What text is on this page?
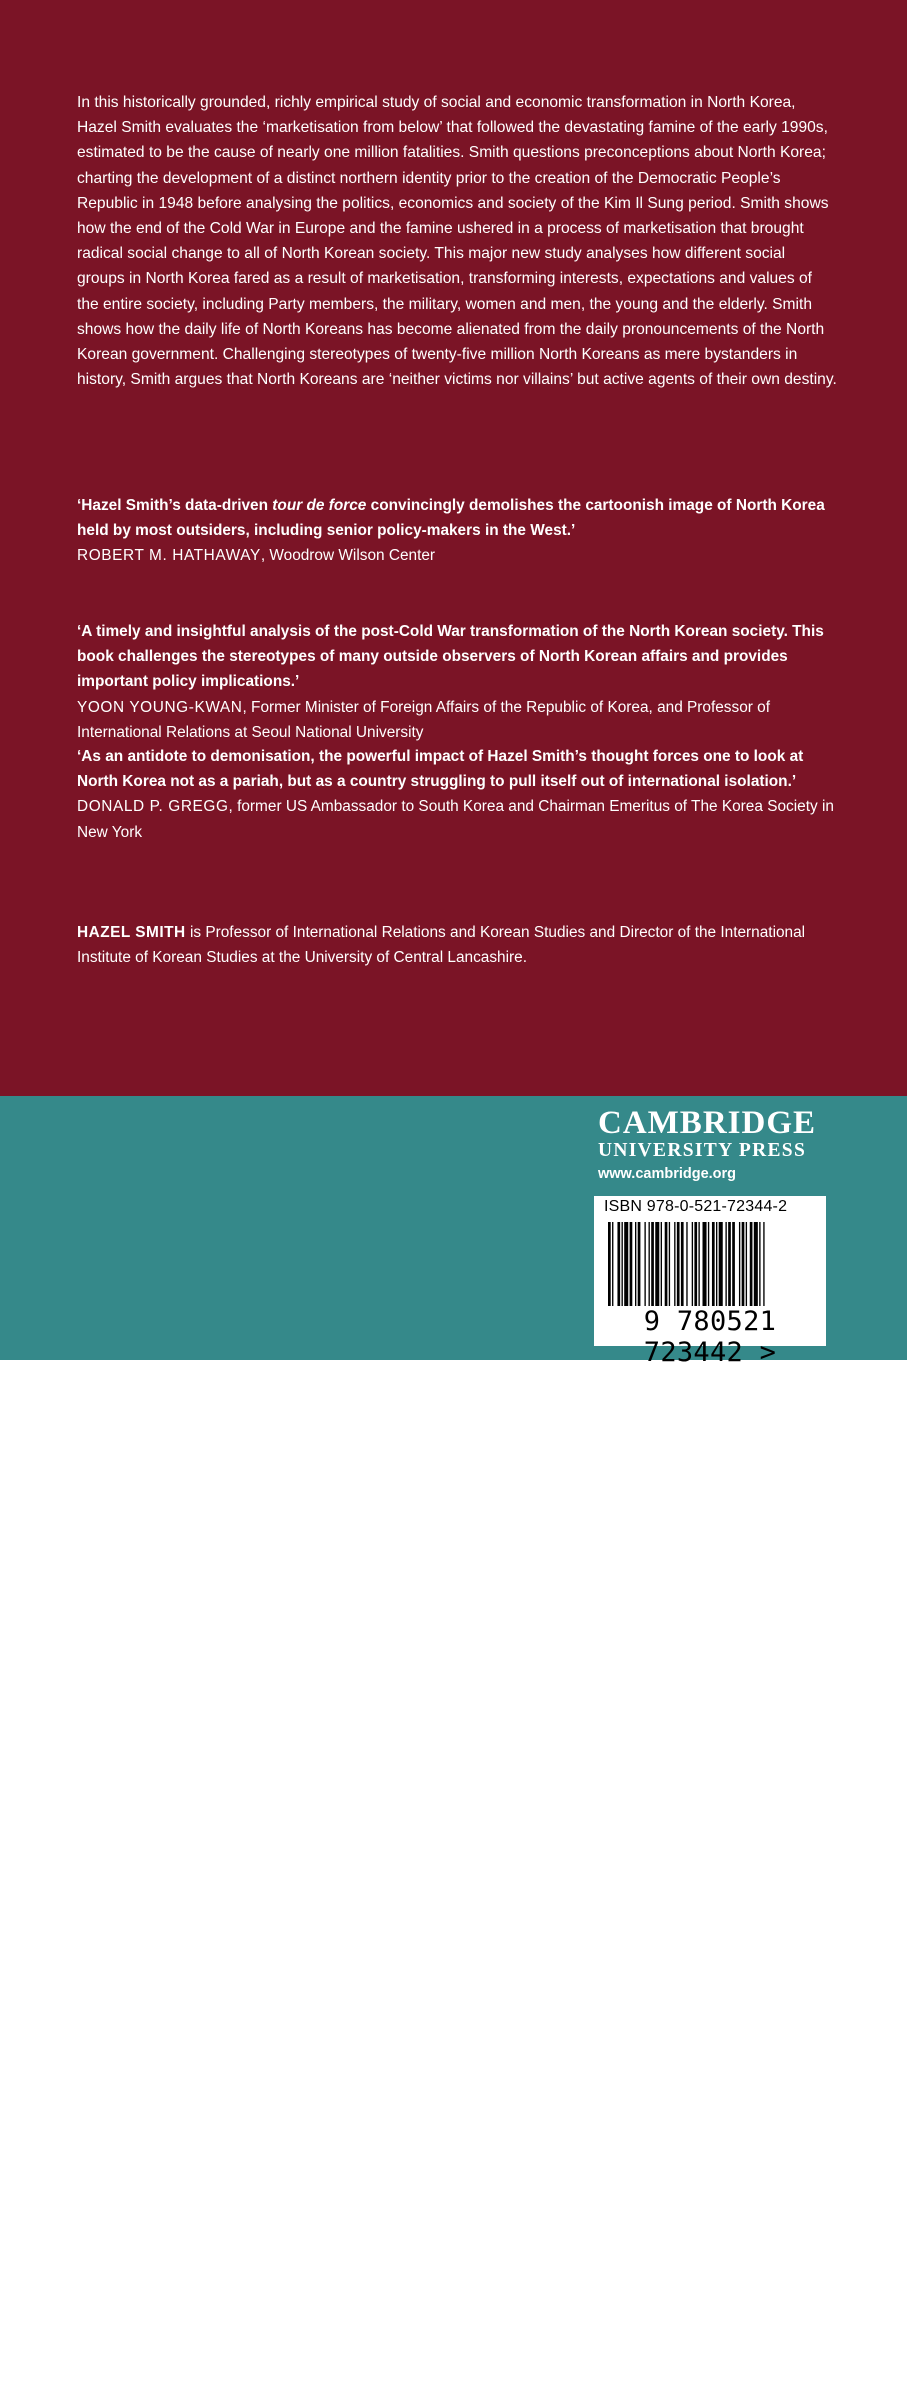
In this historically grounded, richly empirical study of social and economic transformation in North Korea, Hazel Smith evaluates the ‘marketisation from below’ that followed the devastating famine of the early 1990s, estimated to be the cause of nearly one million fatalities. Smith questions preconceptions about North Korea; charting the development of a distinct northern identity prior to the creation of the Democratic People’s Republic in 1948 before analysing the politics, economics and society of the Kim Il Sung period. Smith shows how the end of the Cold War in Europe and the famine ushered in a process of marketisation that brought radical social change to all of North Korean society. This major new study analyses how different social groups in North Korea fared as a result of marketisation, transforming interests, expectations and values of the entire society, including Party members, the military, women and men, the young and the elderly. Smith shows how the daily life of North Koreans has become alienated from the daily pronouncements of the North Korean government. Challenging stereotypes of twenty-five million North Koreans as mere bystanders in history, Smith argues that North Koreans are ‘neither victims nor villains’ but active agents of their own destiny.

‘Hazel Smith’s data-driven tour de force convincingly demolishes the cartoonish image of North Korea held by most outsiders, including senior policy-makers in the West.’

ROBERT M. HATHAWAY, Woodrow Wilson Center

‘A timely and insightful analysis of the post-Cold War transformation of the North Korean society. This book challenges the stereotypes of many outside observers of North Korean affairs and provides important policy implications.’

YOON YOUNG-KWAN, Former Minister of Foreign Affairs of the Republic of Korea, and Professor of International Relations at Seoul National University

‘As an antidote to demonisation, the powerful impact of Hazel Smith’s thought forces one to look at North Korea not as a pariah, but as a country struggling to pull itself out of international isolation.’

DONALD P. GREGG, former US Ambassador to South Korea and Chairman Emeritus of The Korea Society in New York

HAZEL SMITH is Professor of International Relations and Korean Studies and Director of the International Institute of Korean Studies at the University of Central Lancashire.

Cover credit: “Street with birches in Samjiyon”
by Park Hwa Sun. Courtesy of Gallery Pyongyang.

Cover designed by Hart McLeod Ltd

CAMBRIDGE

UNIVERSITY PRESS

www.cambridge.org

ISBN 978-0-521-72344-2

9 780521 723442 >
